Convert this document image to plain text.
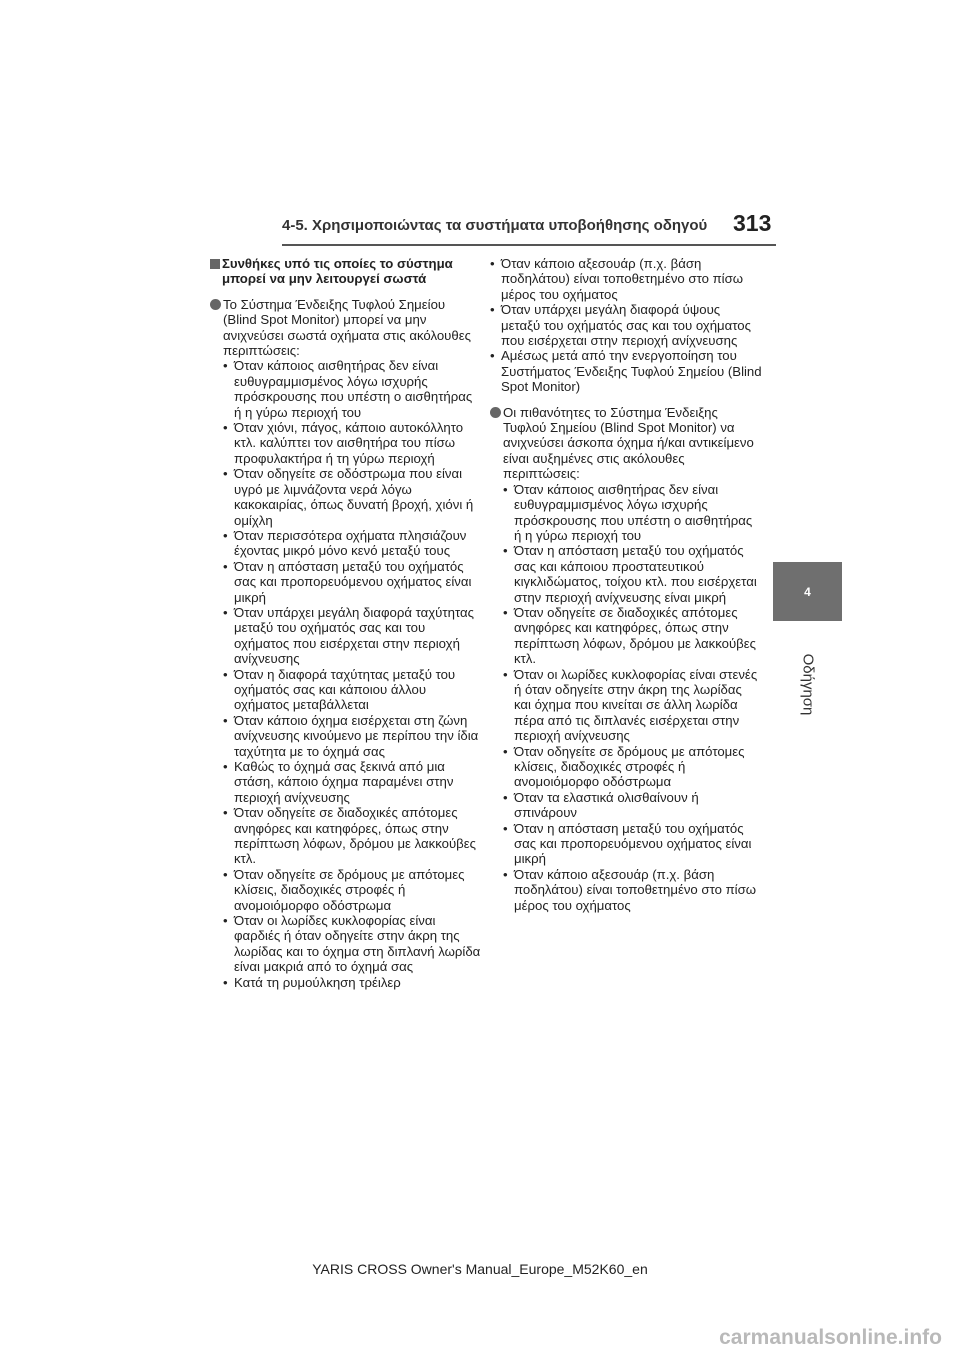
4-5. Χρησιμοποιώντας τα συστήματα υποβοήθησης οδηγού 313
4
Οδήγηση
Συνθήκες υπό τις οποίες το σύστημα μπορεί να μην λειτουργεί σωστά
Το Σύστημα Ένδειξης Τυφλού Σημείου (Blind Spot Monitor) μπορεί να μην ανιχνεύσει σωστά οχήματα στις ακόλουθες περιπτώσεις:
• Όταν κάποιος αισθητήρας δεν είναι ευθυγραμμισμένος λόγω ισχυρής πρόσκρουσης που υπέστη ο αισθητήρας ή η γύρω περιοχή του
• Όταν χιόνι, πάγος, κάποιο αυτοκόλλητο κτλ. καλύπτει τον αισθητήρα του πίσω προφυλακτήρα ή τη γύρω περιοχή
• Όταν οδηγείτε σε οδόστρωμα που είναι υγρό με λιμνάζοντα νερά λόγω κακοκαιρίας, όπως δυνατή βροχή, χιόνι ή ομίχλη
• Όταν περισσότερα οχήματα πλησιάζουν έχοντας μικρό μόνο κενό μεταξύ τους
• Όταν η απόσταση μεταξύ του οχήματός σας και προπορευόμενου οχήματος είναι μικρή
• Όταν υπάρχει μεγάλη διαφορά ταχύτητας μεταξύ του οχήματός σας και του οχήματος που εισέρχεται στην περιοχή ανίχνευσης
• Όταν η διαφορά ταχύτητας μεταξύ του οχήματός σας και κάποιου άλλου οχήματος μεταβάλλεται
• Όταν κάποιο όχημα εισέρχεται στη ζώνη ανίχνευσης κινούμενο με περίπου την ίδια ταχύτητα με το όχημά σας
• Καθώς το όχημά σας ξεκινά από μια στάση, κάποιο όχημα παραμένει στην περιοχή ανίχνευσης
• Όταν οδηγείτε σε διαδοχικές απότομες ανηφόρες και κατηφόρες, όπως στην περίπτωση λόφων, δρόμου με λακκούβες κτλ.
• Όταν οδηγείτε σε δρόμους με απότομες κλίσεις, διαδοχικές στροφές ή ανομοιόμορφο οδόστρωμα
• Όταν οι λωρίδες κυκλοφορίας είναι φαρδιές ή όταν οδηγείτε στην άκρη της λωρίδας και το όχημα στη διπλανή λωρίδα είναι μακριά από το όχημά σας
• Κατά τη ρυμούλκηση τρέιλερ
• Όταν κάποιο αξεσουάρ (π.χ. βάση ποδηλάτου) είναι τοποθετημένο στο πίσω μέρος του οχήματος
• Όταν υπάρχει μεγάλη διαφορά ύψους μεταξύ του οχήματός σας και του οχήματος που εισέρχεται στην περιοχή ανίχνευσης
• Αμέσως μετά από την ενεργοποίηση του Συστήματος Ένδειξης Τυφλού Σημείου (Blind Spot Monitor)
Οι πιθανότητες το Σύστημα Ένδειξης Τυφλού Σημείου (Blind Spot Monitor) να ανιχνεύσει άσκοπα όχημα ή/και αντικείμενο είναι αυξημένες στις ακόλουθες περιπτώσεις:
• Όταν κάποιος αισθητήρας δεν είναι ευθυγραμμισμένος λόγω ισχυρής πρόσκρουσης που υπέστη ο αισθητήρας ή η γύρω περιοχή του
• Όταν η απόσταση μεταξύ του οχήματός σας και κάποιου προστατευτικού κιγκλιδώματος, τοίχου κτλ. που εισέρχεται στην περιοχή ανίχνευσης είναι μικρή
• Όταν οδηγείτε σε διαδοχικές απότομες ανηφόρες και κατηφόρες, όπως στην περίπτωση λόφων, δρόμου με λακκούβες κτλ.
• Όταν οι λωρίδες κυκλοφορίας είναι στενές ή όταν οδηγείτε στην άκρη της λωρίδας και όχημα που κινείται σε άλλη λωρίδα πέρα από τις διπλανές εισέρχεται στην περιοχή ανίχνευσης
• Όταν οδηγείτε σε δρόμους με απότομες κλίσεις, διαδοχικές στροφές ή ανομοιόμορφο οδόστρωμα
• Όταν τα ελαστικά ολισθαίνουν ή σπινάρουν
• Όταν η απόσταση μεταξύ του οχήματός σας και προπορευόμενου οχήματος είναι μικρή
• Όταν κάποιο αξεσουάρ (π.χ. βάση ποδηλάτου) είναι τοποθετημένο στο πίσω μέρος του οχήματος
YARIS CROSS Owner's Manual_Europe_M52K60_en
carmanualsonline.info
